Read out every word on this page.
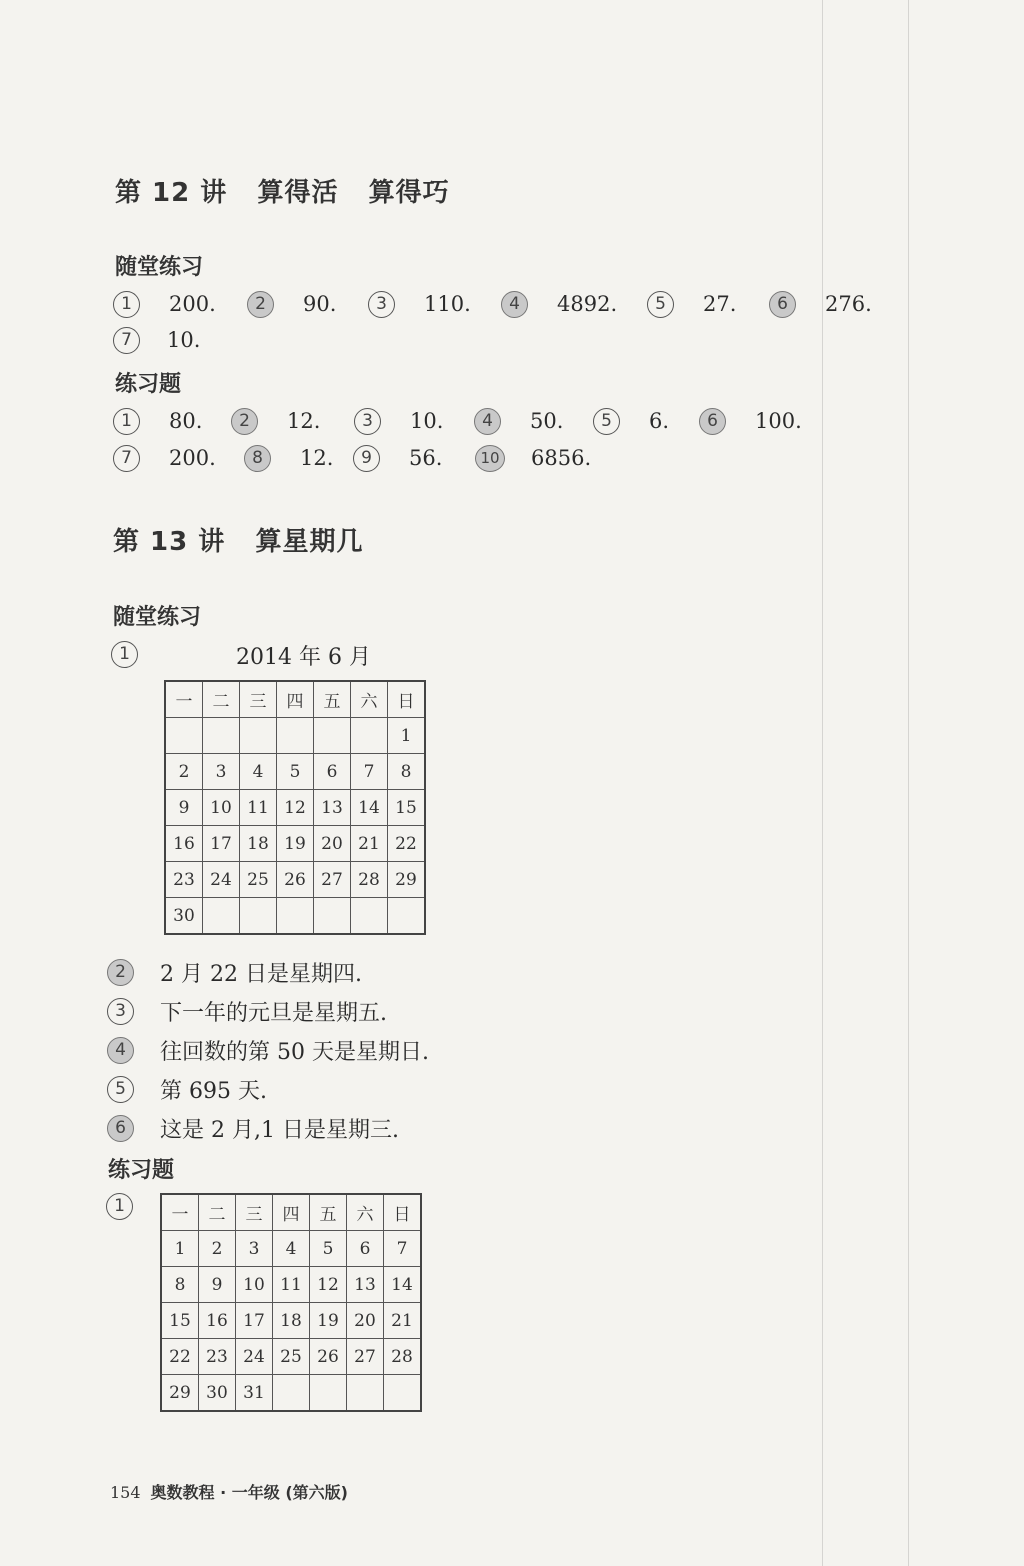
第 12 讲   算得活   算得巧
随堂练习
1	200.	2	90.	3	110.	4	4892.	5	27.	6	276.
7	10.
练习题
1	80.	2	12.	3	10.	4	50.	5	6.	6	100.
7	200.	8	12.	9	56.	10 6856.
第 13 讲   算星期几
随堂练习
1	2014 年 6 月
一	二	三	四	五	六	日
						1
2	3	4	5	6	7	8
9	10	11	12	13	14	15
16	17	18	19	20	21	22
23	24	25	26	27	28	29
30						
2	2 月 22 日是星期四.
3	下一年的元旦是星期五.
4	往回数的第 50 天是星期日.
5	第 695 天.
6	这是 2 月,1 日是星期三.
练习题
1	一	二	三	四	五	六	日
1	2	3	4	5	6	7
8	9	10	11	12	13	14
15	16	17	18	19	20	21
22	23	24	25	26	27	28
29	30	31				
154 奥数教程 · 一年级 (第六版)
